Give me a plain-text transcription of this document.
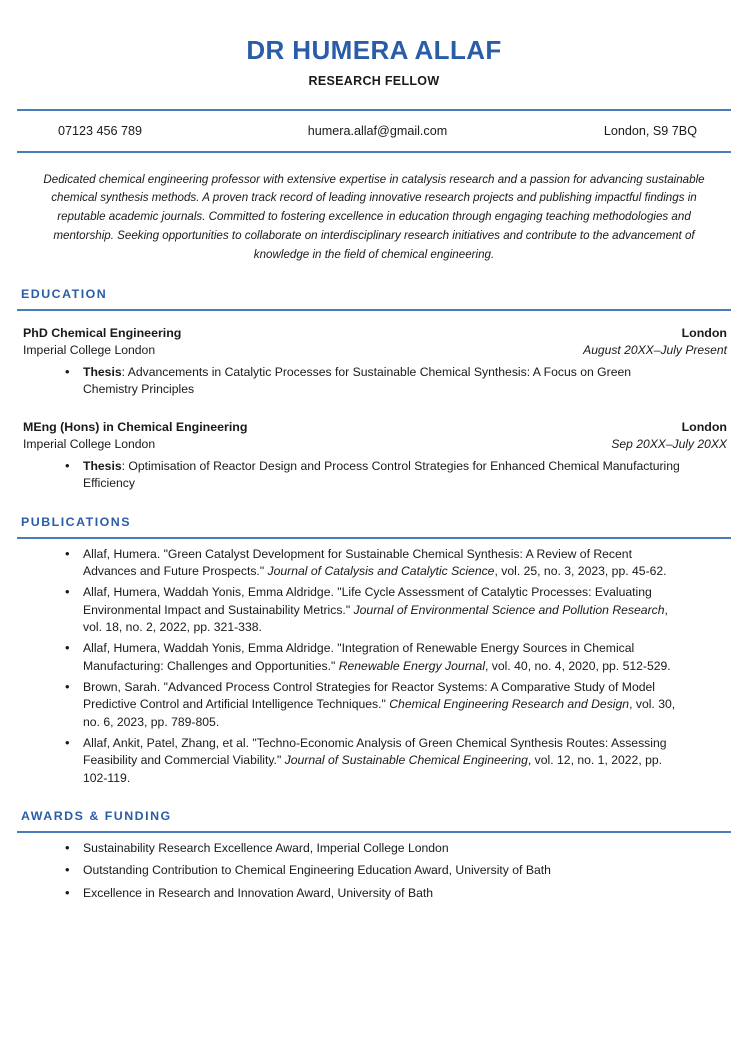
DR HUMERA ALLAF
RESEARCH FELLOW
07123 456 789	humera.allaf@gmail.com	London, S9 7BQ
Dedicated chemical engineering professor with extensive expertise in catalysis research and a passion for advancing sustainable chemical synthesis methods. A proven track record of leading innovative research projects and publishing impactful findings in reputable academic journals. Committed to fostering excellence in education through engaging teaching methodologies and mentorship. Seeking opportunities to collaborate on interdisciplinary research initiatives and contribute to the advancement of knowledge in the field of chemical engineering.
EDUCATION
PhD Chemical Engineering	London
Imperial College London	August 20XX–July Present
• Thesis: Advancements in Catalytic Processes for Sustainable Chemical Synthesis: A Focus on Green Chemistry Principles
MEng (Hons) in Chemical Engineering	London
Imperial College London	Sep 20XX–July 20XX
• Thesis: Optimisation of Reactor Design and Process Control Strategies for Enhanced Chemical Manufacturing Efficiency
PUBLICATIONS
• Allaf, Humera. "Green Catalyst Development for Sustainable Chemical Synthesis: A Review of Recent Advances and Future Prospects." Journal of Catalysis and Catalytic Science, vol. 25, no. 3, 2023, pp. 45-62.
• Allaf, Humera, Waddah Yonis, Emma Aldridge. "Life Cycle Assessment of Catalytic Processes: Evaluating Environmental Impact and Sustainability Metrics." Journal of Environmental Science and Pollution Research, vol. 18, no. 2, 2022, pp. 321-338.
• Allaf, Humera, Waddah Yonis, Emma Aldridge. "Integration of Renewable Energy Sources in Chemical Manufacturing: Challenges and Opportunities." Renewable Energy Journal, vol. 40, no. 4, 2020, pp. 512-529.
• Brown, Sarah. "Advanced Process Control Strategies for Reactor Systems: A Comparative Study of Model Predictive Control and Artificial Intelligence Techniques." Chemical Engineering Research and Design, vol. 30, no. 6, 2023, pp. 789-805.
• Allaf, Ankit, Patel, Zhang, et al. "Techno-Economic Analysis of Green Chemical Synthesis Routes: Assessing Feasibility and Commercial Viability." Journal of Sustainable Chemical Engineering, vol. 12, no. 1, 2022, pp. 102-119.
AWARDS & FUNDING
• Sustainability Research Excellence Award, Imperial College London
• Outstanding Contribution to Chemical Engineering Education Award, University of Bath
• Excellence in Research and Innovation Award, University of Bath
